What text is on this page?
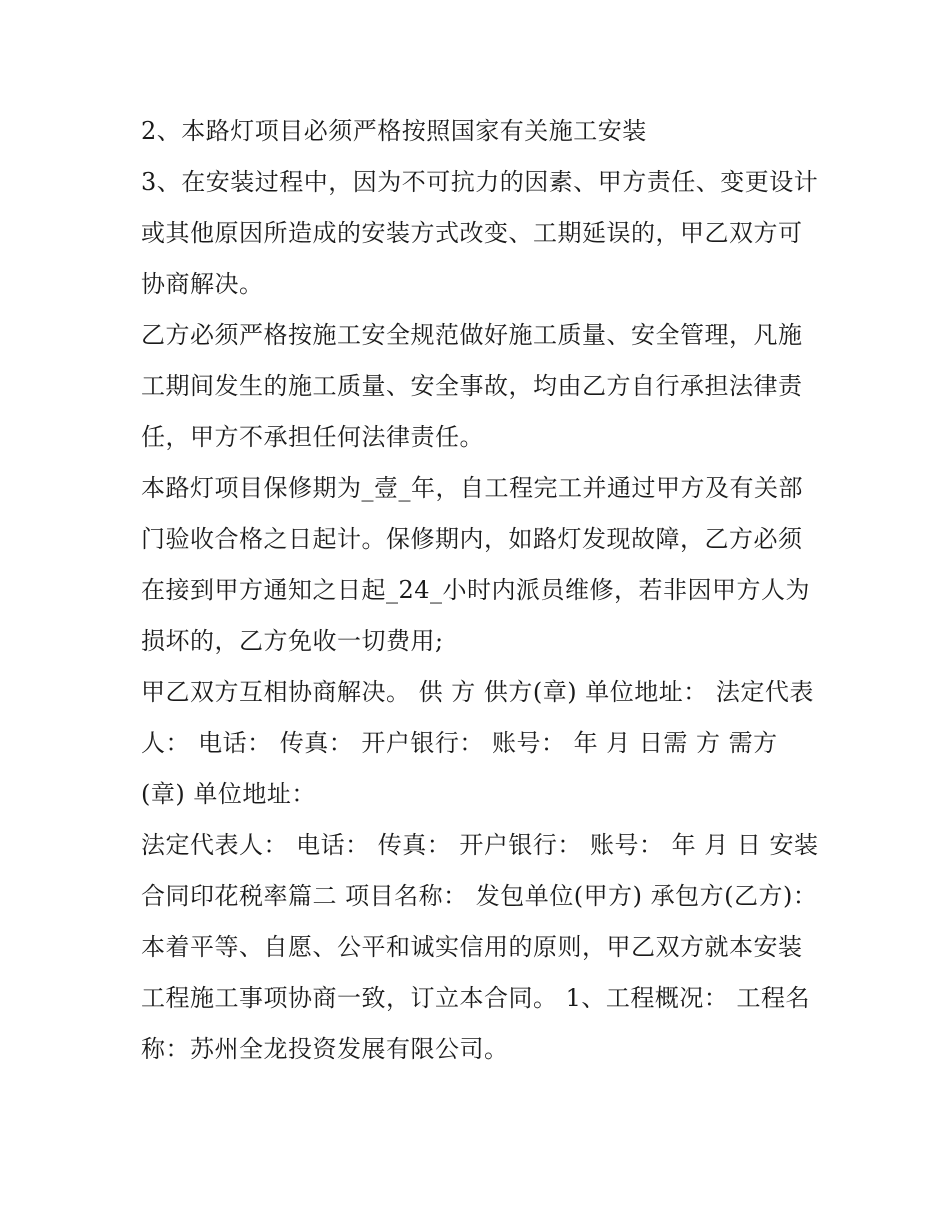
2、本路灯项目必须严格按照国家有关施工安装

3、在安装过程中，因为不可抗力的因素、甲方责任、变更设计或其他原因所造成的安装方式改变、工期延误的，甲乙双方可协商解决。

乙方必须严格按施工安全规范做好施工质量、安全管理，凡施工期间发生的施工质量、安全事故，均由乙方自行承担法律责任，甲方不承担任何法律责任。

本路灯项目保修期为_壹_年，自工程完工并通过甲方及有关部门验收合格之日起计。保修期内，如路灯发现故障，乙方必须在接到甲方通知之日起_24_小时内派员维修，若非因甲方人为损坏的，乙方免收一切费用;

甲乙双方互相协商解决。 供 方 供方(章) 单位地址： 法定代表人： 电话： 传真： 开户银行： 账号： 年 月 日需 方 需方(章) 单位地址：

法定代表人： 电话： 传真： 开户银行： 账号： 年 月 日 安装合同印花税率篇二 项目名称： 发包单位(甲方) 承包方(乙方)：

本着平等、自愿、公平和诚实信用的原则，甲乙双方就本安装工程施工事项协商一致，订立本合同。 1、工程概况： 工程名称：苏州全龙投资发展有限公司。
